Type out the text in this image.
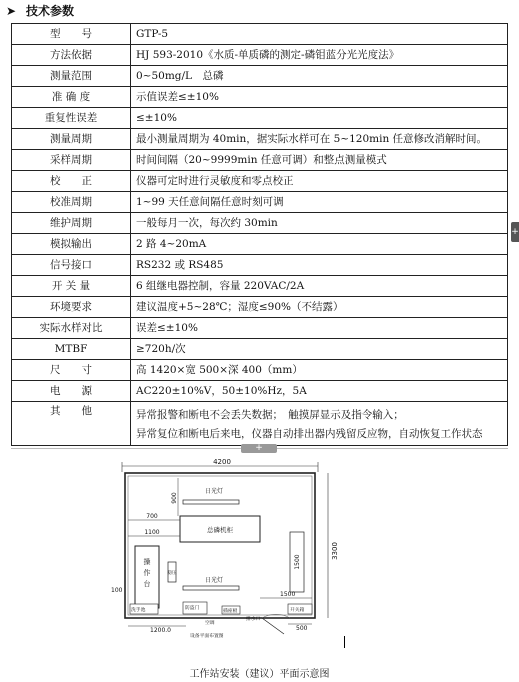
➤ 技术参数
型　　号	GTP-5
方法依据	HJ 593-2010《水质-单质磷的测定-磷钼蓝分光光度法》
测量范围	0~50mg/L　总磷
准 确 度	示值误差≤±10%
重复性误差	≤±10%
测量周期	最小测量周期为 40min，据实际水样可在 5~120min 任意修改消解时间。
采样周期	时间间隔（20~9999min 任意可调）和整点测量模式
校　　正	仪器可定时进行灵敏度和零点校正
校准周期	1~99 天任意间隔任意时刻可调
维护周期	一般每月一次，每次约 30min
模拟输出	2 路 4~20mA
信号接口	RS232 或 RS485
开 关 量	6 组继电器控制，容量 220VAC/2A
环境要求	建议温度+5~28℃；湿度≤90%（不结露）
实际水样对比	误差≤±10%
MTBF	≥720h/次
尺　　寸	高 1420×宽 500×深 400（mm）
电　　源	AC220±10%V，50±10%Hz，5A
其　　他	异常报警和断电不会丢失数据；　触摸屏显示及指令输入；
异常复位和断电后来电，仪器自动排出器内残留反应物，自动恢复工作状态
+
+
4200
3300
日光灯
900
总磷机柜
700
1100
1500
操作台
100
稳压
日光灯
1500
洗手池	防盗门
插座板	开关箱
排水口
空调
1200.0	500
设备平面布置图
工作站安装（建议）平面示意图
